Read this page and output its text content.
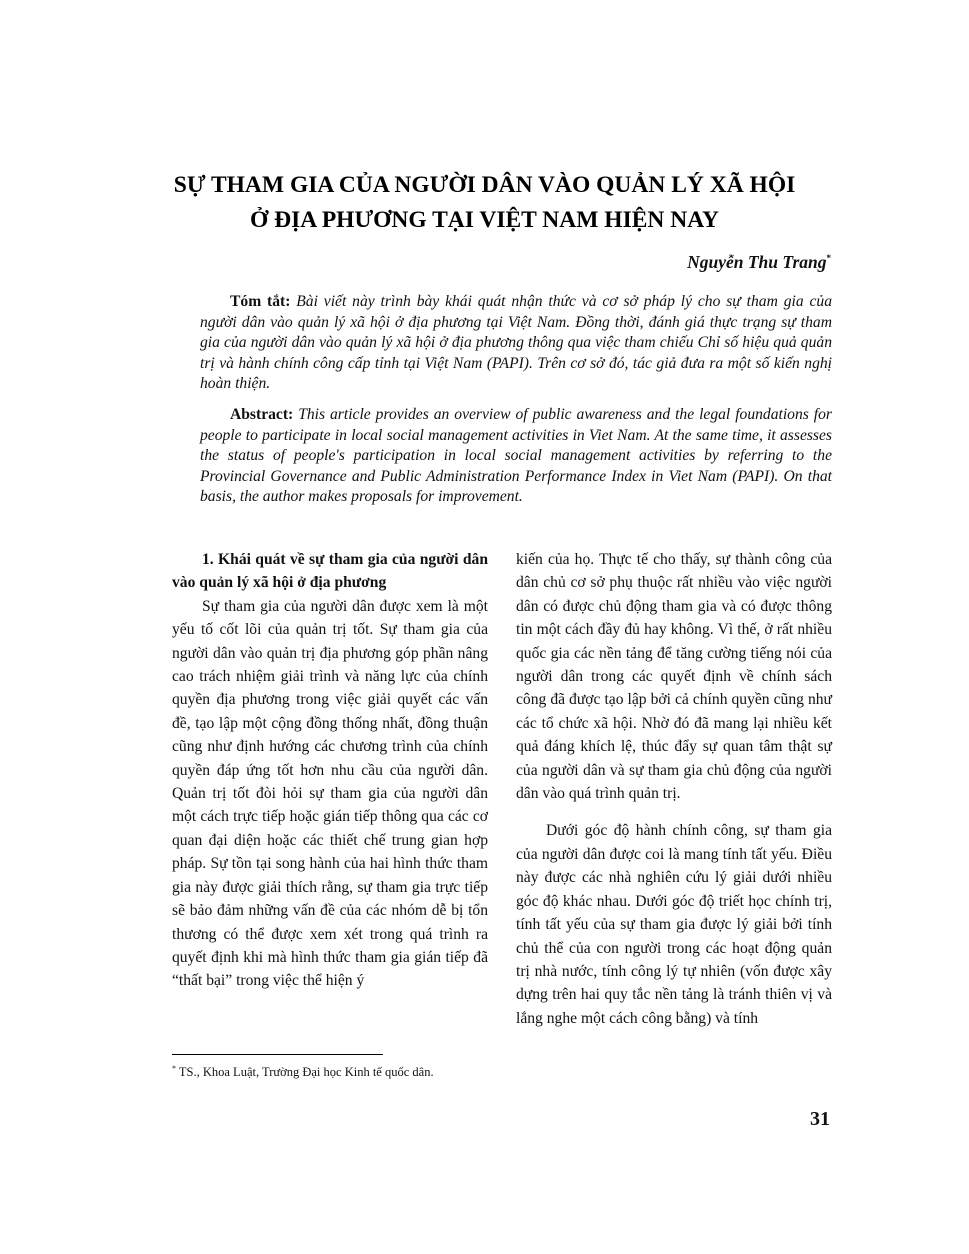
SỰ THAM GIA CỦA NGƯỜI DÂN VÀO QUẢN LÝ XÃ HỘI
Ở ĐỊA PHƯƠNG TẠI VIỆT NAM HIỆN NAY
Nguyễn Thu Trang*
Tóm tắt: Bài viết này trình bày khái quát nhận thức và cơ sở pháp lý cho sự tham gia của người dân vào quản lý xã hội ở địa phương tại Việt Nam. Đồng thời, đánh giá thực trạng sự tham gia của người dân vào quản lý xã hội ở địa phương thông qua việc tham chiếu Chỉ số hiệu quả quản trị và hành chính công cấp tỉnh tại Việt Nam (PAPI). Trên cơ sở đó, tác giả đưa ra một số kiến nghị hoàn thiện.
Abstract: This article provides an overview of public awareness and the legal foundations for people to participate in local social management activities in Viet Nam. At the same time, it assesses the status of people's participation in local social management activities by referring to the Provincial Governance and Public Administration Performance Index in Viet Nam (PAPI). On that basis, the author makes proposals for improvement.

1. Khái quát về sự tham gia của người dân vào quản lý xã hội ở địa phương

Sự tham gia của người dân được xem là một yếu tố cốt lõi của quản trị tốt. Sự tham gia của người dân vào quản trị địa phương góp phần nâng cao trách nhiệm giải trình và năng lực của chính quyền địa phương trong việc giải quyết các vấn đề, tạo lập một cộng đồng thống nhất, đồng thuận cũng như định hướng các chương trình của chính quyền đáp ứng tốt hơn nhu cầu của người dân. Quản trị tốt đòi hỏi sự tham gia của người dân một cách trực tiếp hoặc gián tiếp thông qua các cơ quan đại diện hoặc các thiết chế trung gian hợp pháp. Sự tồn tại song hành của hai hình thức tham gia này được giải thích rằng, sự tham gia trực tiếp sẽ bảo đảm những vấn đề của các nhóm dễ bị tổn thương có thể được xem xét trong quá trình ra quyết định khi mà hình thức tham gia gián tiếp đã “thất bại” trong việc thể hiện ý

kiến của họ. Thực tế cho thấy, sự thành công của dân chủ cơ sở phụ thuộc rất nhiều vào việc người dân có được chủ động tham gia và có được thông tin một cách đầy đủ hay không. Vì thế, ở rất nhiều quốc gia các nền tảng để tăng cường tiếng nói của người dân trong các quyết định về chính sách công đã được tạo lập bởi cả chính quyền cũng như các tổ chức xã hội. Nhờ đó đã mang lại nhiều kết quả đáng khích lệ, thúc đẩy sự quan tâm thật sự của người dân và sự tham gia chủ động của người dân vào quá trình quản trị.

Dưới góc độ hành chính công, sự tham gia của người dân được coi là mang tính tất yếu. Điều này được các nhà nghiên cứu lý giải dưới nhiều góc độ khác nhau. Dưới góc độ triết học chính trị, tính tất yếu của sự tham gia được lý giải bởi tính chủ thể của con người trong các hoạt động quản trị nhà nước, tính công lý tự nhiên (vốn được xây dựng trên hai quy tắc nền tảng là tránh thiên vị và lắng nghe một cách công bằng) và tính

* TS., Khoa Luật, Trường Đại học Kinh tế quốc dân.
31
